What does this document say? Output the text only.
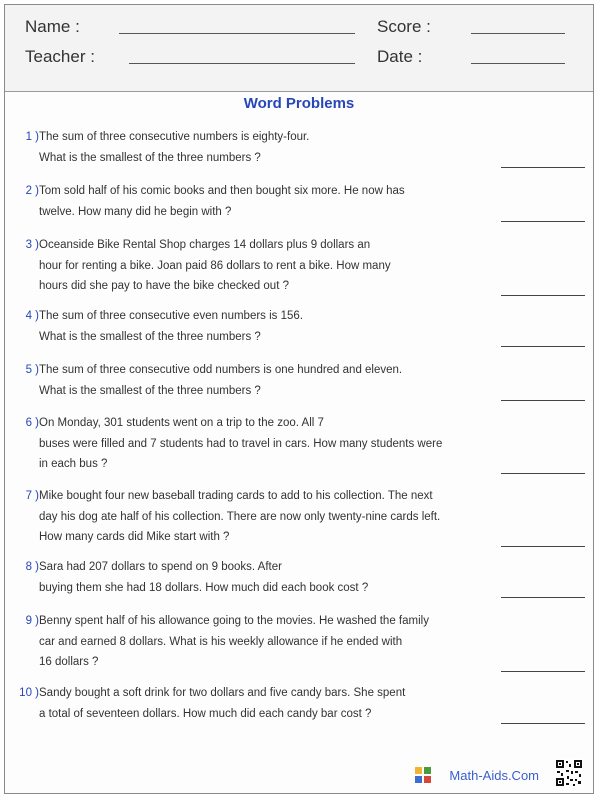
Name :	Score :
Teacher :	Date :
Word Problems
1 ) The sum of three consecutive numbers is eighty-four.
What is the smallest of the three numbers ?
2 ) Tom sold half of his comic books and then bought six more. He now has
twelve. How many did he begin with ?
3 ) Oceanside Bike Rental Shop charges 14 dollars plus 9 dollars an
hour for renting a bike. Joan paid 86 dollars to rent a bike. How many
hours did she pay to have the bike checked out ?
4 ) The sum of three consecutive even numbers is 156.
What is the smallest of the three numbers ?
5 ) The sum of three consecutive odd numbers is one hundred and eleven.
What is the smallest of the three numbers ?
6 ) On Monday, 301 students went on a trip to the zoo. All 7
buses were filled and 7 students had to travel in cars. How many students were
in each bus ?
7 ) Mike bought four new baseball trading cards to add to his collection. The next
day his dog ate half of his collection. There are now only twenty-nine cards left.
How many cards did Mike start with ?
8 ) Sara had 207 dollars to spend on 9 books. After
buying them she had 18 dollars. How much did each book cost ?
9 ) Benny spent half of his allowance going to the movies. He washed the family
car and earned 8 dollars. What is his weekly allowance if he ended with
16 dollars ?
10 ) Sandy bought a soft drink for two dollars and five candy bars. She spent
a total of seventeen dollars. How much did each candy bar cost ?
Math-Aids.Com
